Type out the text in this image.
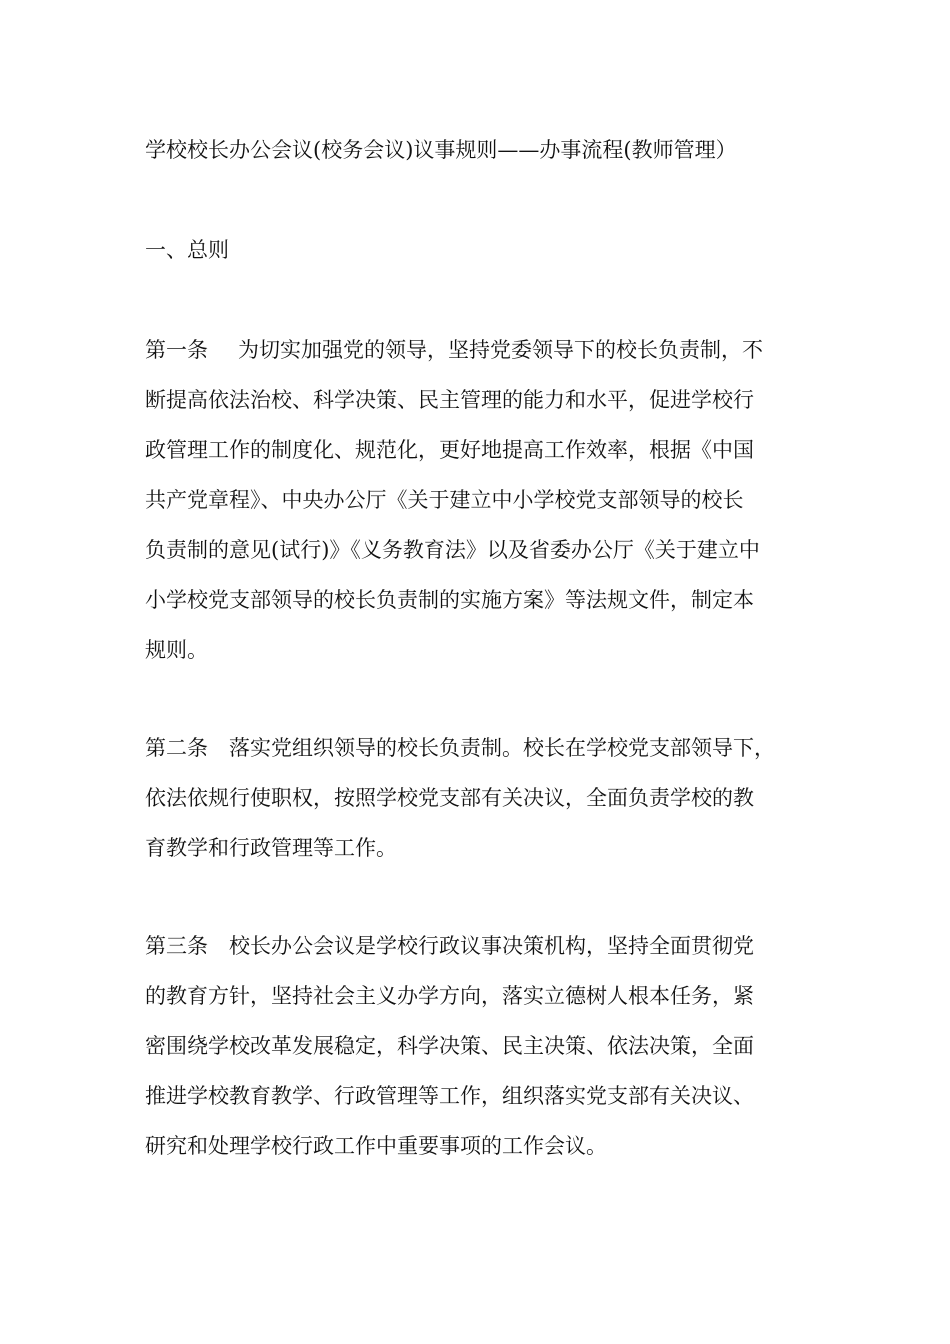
学校校长办公会议(校务会议)议事规则——办事流程(教师管理）
一、总则

第一条 为切实加强党的领导，坚持党委领导下的校长负责制，不
断提高依法治校、科学决策、民主管理的能力和水平，促进学校行
政管理工作的制度化、规范化，更好地提高工作效率，根据《中国
共产党章程》、中央办公厅《关于建立中小学校党支部领导的校长
负责制的意见(试行)》《义务教育法》以及省委办公厅《关于建立中
小学校党支部领导的校长负责制的实施方案》等法规文件，制定本
规则。

第二条 落实党组织领导的校长负责制。校长在学校党支部领导下，
依法依规行使职权，按照学校党支部有关决议，全面负责学校的教
育教学和行政管理等工作。

第三条 校长办公会议是学校行政议事决策机构，坚持全面贯彻党
的教育方针，坚持社会主义办学方向，落实立德树人根本任务，紧
密围绕学校改革发展稳定，科学决策、民主决策、依法决策，全面
推进学校教育教学、行政管理等工作，组织落实党支部有关决议、
研究和处理学校行政工作中重要事项的工作会议。
